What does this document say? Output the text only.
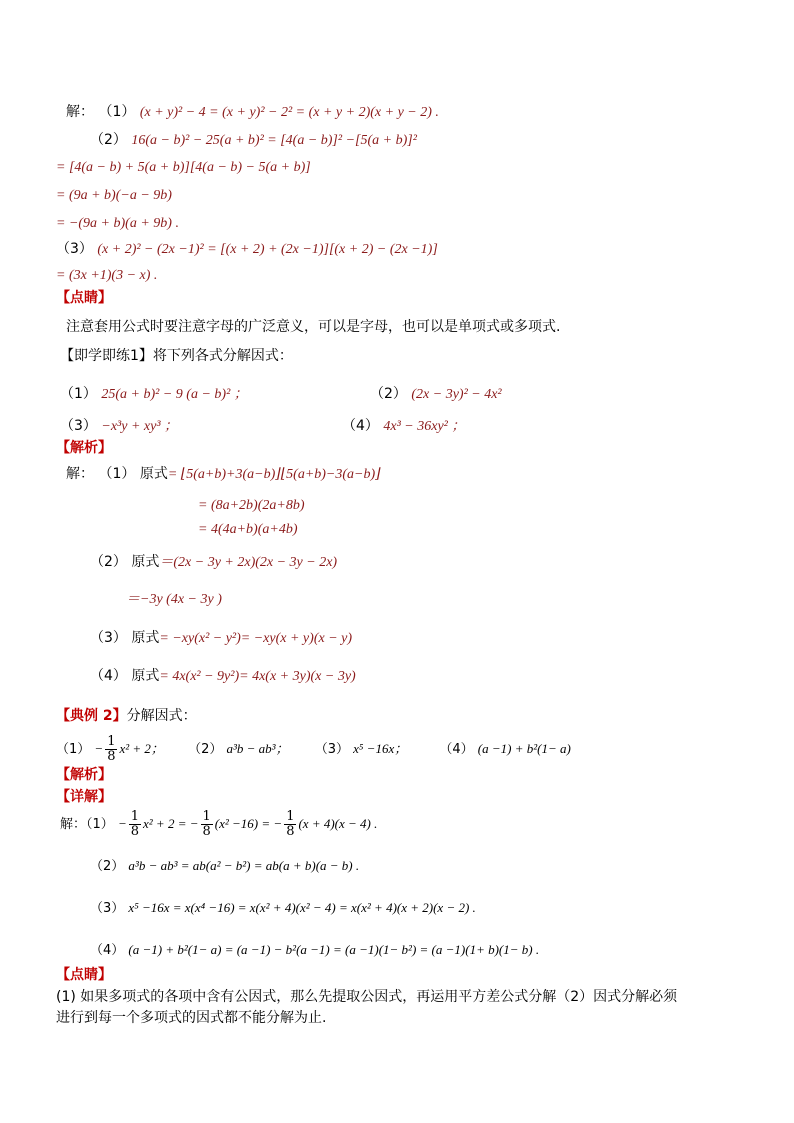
解： （1） (x + y)² − 4 = (x + y)² − 2² = (x + y + 2)(x + y − 2) .
（2） 16(a − b)² − 25(a + b)² = [4(a − b)]² −[5(a + b)]²
= [4(a − b) + 5(a + b)][4(a − b) − 5(a + b)]
= (9a + b)(−a − 9b)
= −(9a + b)(a + 9b) .
（3） (x + 2)² − (2x −1)² = [(x + 2) + (2x −1)][(x + 2) − (2x −1)]
= (3x +1)(3 − x) .
【点睛】
注意套用公式时要注意字母的广泛意义，可以是字母，也可以是单项式或多项式.
【即学即练1】将下列各式分解因式：
（1） 25(a + b)² − 9 (a − b)² ；	（2） (2x − 3y)² − 4x²
（3） −x³y + xy³ ；	（4） 4x³ − 36xy² ；
【解析】
解： （1） 原式= ⌊5(a+b)+3(a−b)⌋⌊5(a+b)−3(a−b)⌋
= (8a+2b)(2a+8b)
= 4(4a+b)(a+4b)
（2） 原式＝(2x − 3y + 2x)(2x − 3y − 2x)
＝−3y (4x − 3y )
（3） 原式= −xy(x² − y²)= −xy(x + y)(x − y)
（4） 原式= 4x(x² − 9y²)= 4x(x + 3y)(x − 3y)
【典例 2】分解因式：
$(1) - \frac{1}{8} x^2 + 2$； （2） a³b − ab³； （3） x⁵ −16x； （4） (a −1) + b²(1− a)
【解析】
【详解】
解：$(1) - \frac{1}{8} x^2 + 2$ = − $\frac{1}{8} (x^2 -16)$ = − $\frac{1}{8} (x + 4)(x - 4)$ .
（2） a³b − ab³ = ab(a² − b²) = ab(a + b)(a − b) .
（3） x⁵ −16x = x(x⁴ −16) = x(x² + 4)(x² − 4) = x(x² + 4)(x + 2)(x − 2) .
（4） (a −1) + b²(1− a) = (a −1) − b²(a −1) = (a −1)(1− b²) = (a −1)(1+ b)(1− b) .
【点睛】
(1) 如果多项式的各项中含有公因式，那么先提取公因式，再运用平方差公式分解（2）因式分解必须
进行到每一个多项式的因式都不能分解为止.
